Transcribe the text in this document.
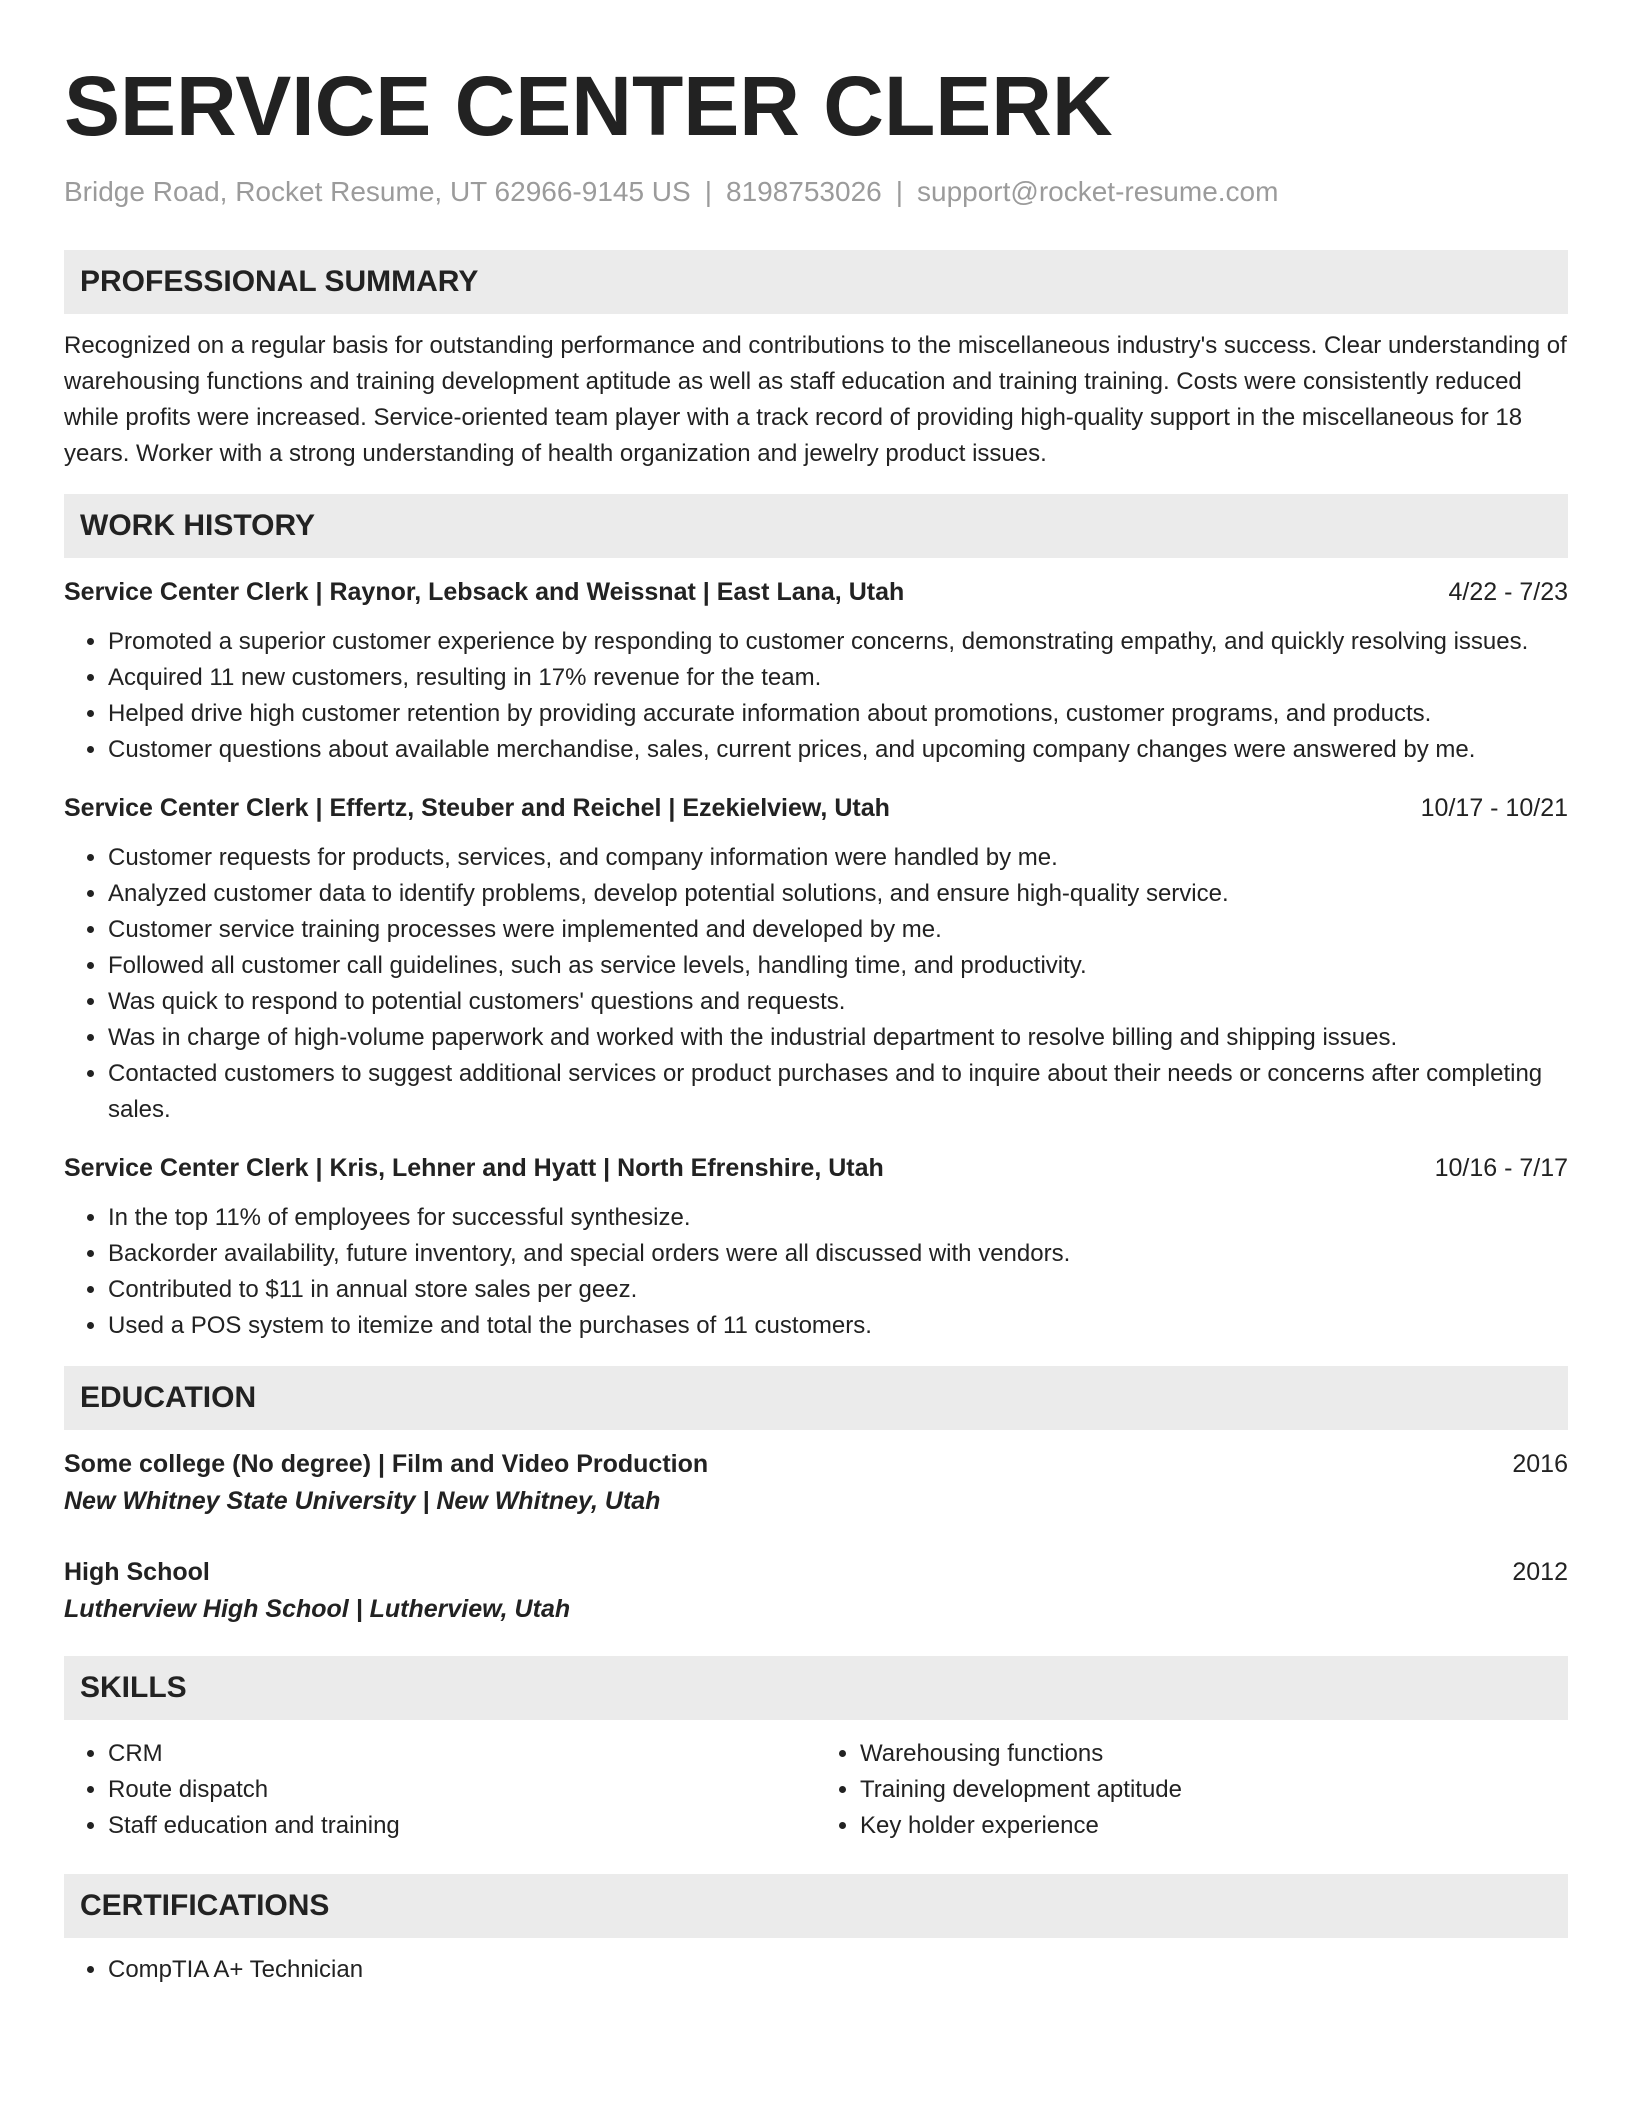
SERVICE CENTER CLERK
Bridge Road, Rocket Resume, UT 62966-9145 US | 8198753026 | support@rocket-resume.com
PROFESSIONAL SUMMARY

Recognized on a regular basis for outstanding performance and contributions to the miscellaneous industry's success. Clear understanding of warehousing functions and training development aptitude as well as staff education and training training. Costs were consistently reduced while profits were increased. Service-oriented team player with a track record of providing high-quality support in the miscellaneous for 18 years. Worker with a strong understanding of health organization and jewelry product issues.

WORK HISTORY
Service Center Clerk | Raynor, Lebsack and Weissnat | East Lana, Utah	4/22 - 7/23
• Promoted a superior customer experience by responding to customer concerns, demonstrating empathy, and quickly resolving issues.
• Acquired 11 new customers, resulting in 17% revenue for the team.
• Helped drive high customer retention by providing accurate information about promotions, customer programs, and products.
• Customer questions about available merchandise, sales, current prices, and upcoming company changes were answered by me.
Service Center Clerk | Effertz, Steuber and Reichel | Ezekielview, Utah	10/17 - 10/21
• Customer requests for products, services, and company information were handled by me.
• Analyzed customer data to identify problems, develop potential solutions, and ensure high-quality service.
• Customer service training processes were implemented and developed by me.
• Followed all customer call guidelines, such as service levels, handling time, and productivity.
• Was quick to respond to potential customers' questions and requests.
• Was in charge of high-volume paperwork and worked with the industrial department to resolve billing and shipping issues.
• Contacted customers to suggest additional services or product purchases and to inquire about their needs or concerns after completing sales.
Service Center Clerk | Kris, Lehner and Hyatt | North Efrenshire, Utah	10/16 - 7/17
• In the top 11% of employees for successful synthesize.
• Backorder availability, future inventory, and special orders were all discussed with vendors.
• Contributed to $11 in annual store sales per geez.
• Used a POS system to itemize and total the purchases of 11 customers.
EDUCATION
Some college (No degree) | Film and Video Production	2016
New Whitney State University | New Whitney, Utah
High School	2012
Lutherview High School | Lutherview, Utah
SKILLS
• CRM
• Route dispatch
• Staff education and training
• Warehousing functions
• Training development aptitude
• Key holder experience
CERTIFICATIONS
• CompTIA A+ Technician
